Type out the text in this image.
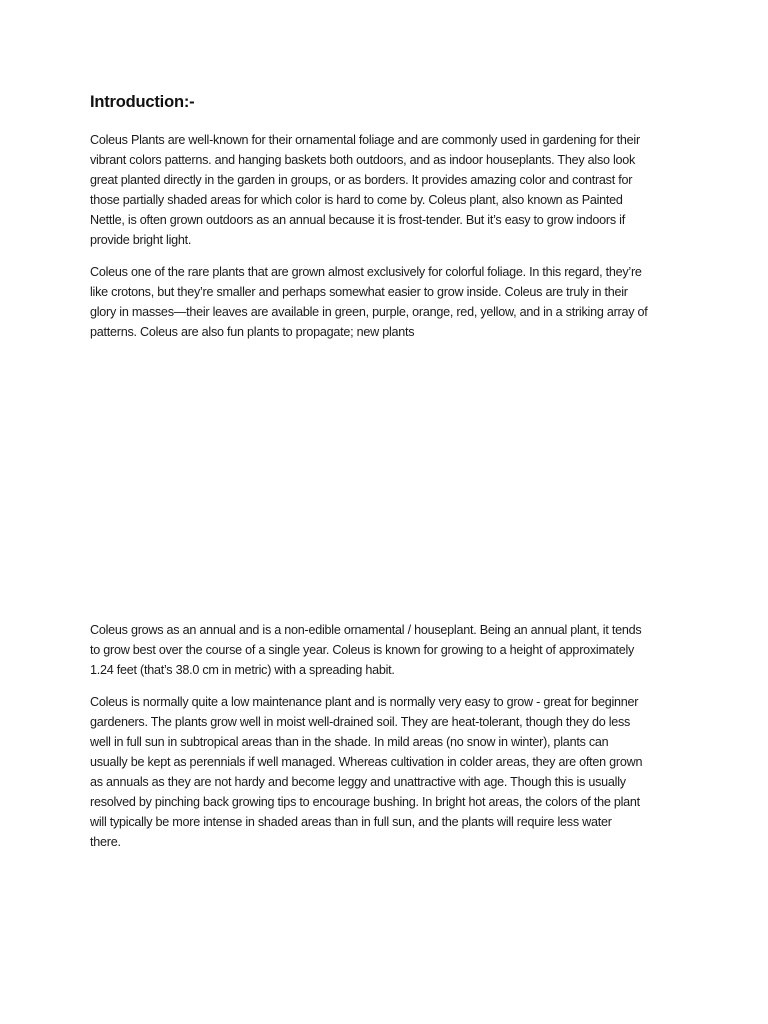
Introduction:-

Coleus Plants are well-known for their ornamental foliage and are commonly used in gardening for their
vibrant colors patterns. and hanging baskets both outdoors, and as indoor houseplants. They also look
great planted directly in the garden in groups, or as borders. It provides amazing color and contrast for
those partially shaded areas for which color is hard to come by. Coleus plant, also known as Painted
Nettle, is often grown outdoors as an annual because it is frost-tender. But it’s easy to grow indoors if
provide bright light.

Coleus one of the rare plants that are grown almost exclusively for colorful foliage. In this regard, they’re
like crotons, but they’re smaller and perhaps somewhat easier to grow inside. Coleus are truly in their
glory in masses—their leaves are available in green, purple, orange, red, yellow, and in a striking array of
patterns. Coleus are also fun plants to propagate; new plants

Coleus grows as an annual and is a non-edible ornamental / houseplant. Being an annual plant, it tends
to grow best over the course of a single year. Coleus is known for growing to a height of approximately
1.24 feet (that’s 38.0 cm in metric) with a spreading habit.

Coleus is normally quite a low maintenance plant and is normally very easy to grow - great for beginner
gardeners. The plants grow well in moist well-drained soil. They are heat-tolerant, though they do less
well in full sun in subtropical areas than in the shade. In mild areas (no snow in winter), plants can
usually be kept as perennials if well managed. Whereas cultivation in colder areas, they are often grown
as annuals as they are not hardy and become leggy and unattractive with age. Though this is usually
resolved by pinching back growing tips to encourage bushing. In bright hot areas, the colors of the plant
will typically be more intense in shaded areas than in full sun, and the plants will require less water
there.
